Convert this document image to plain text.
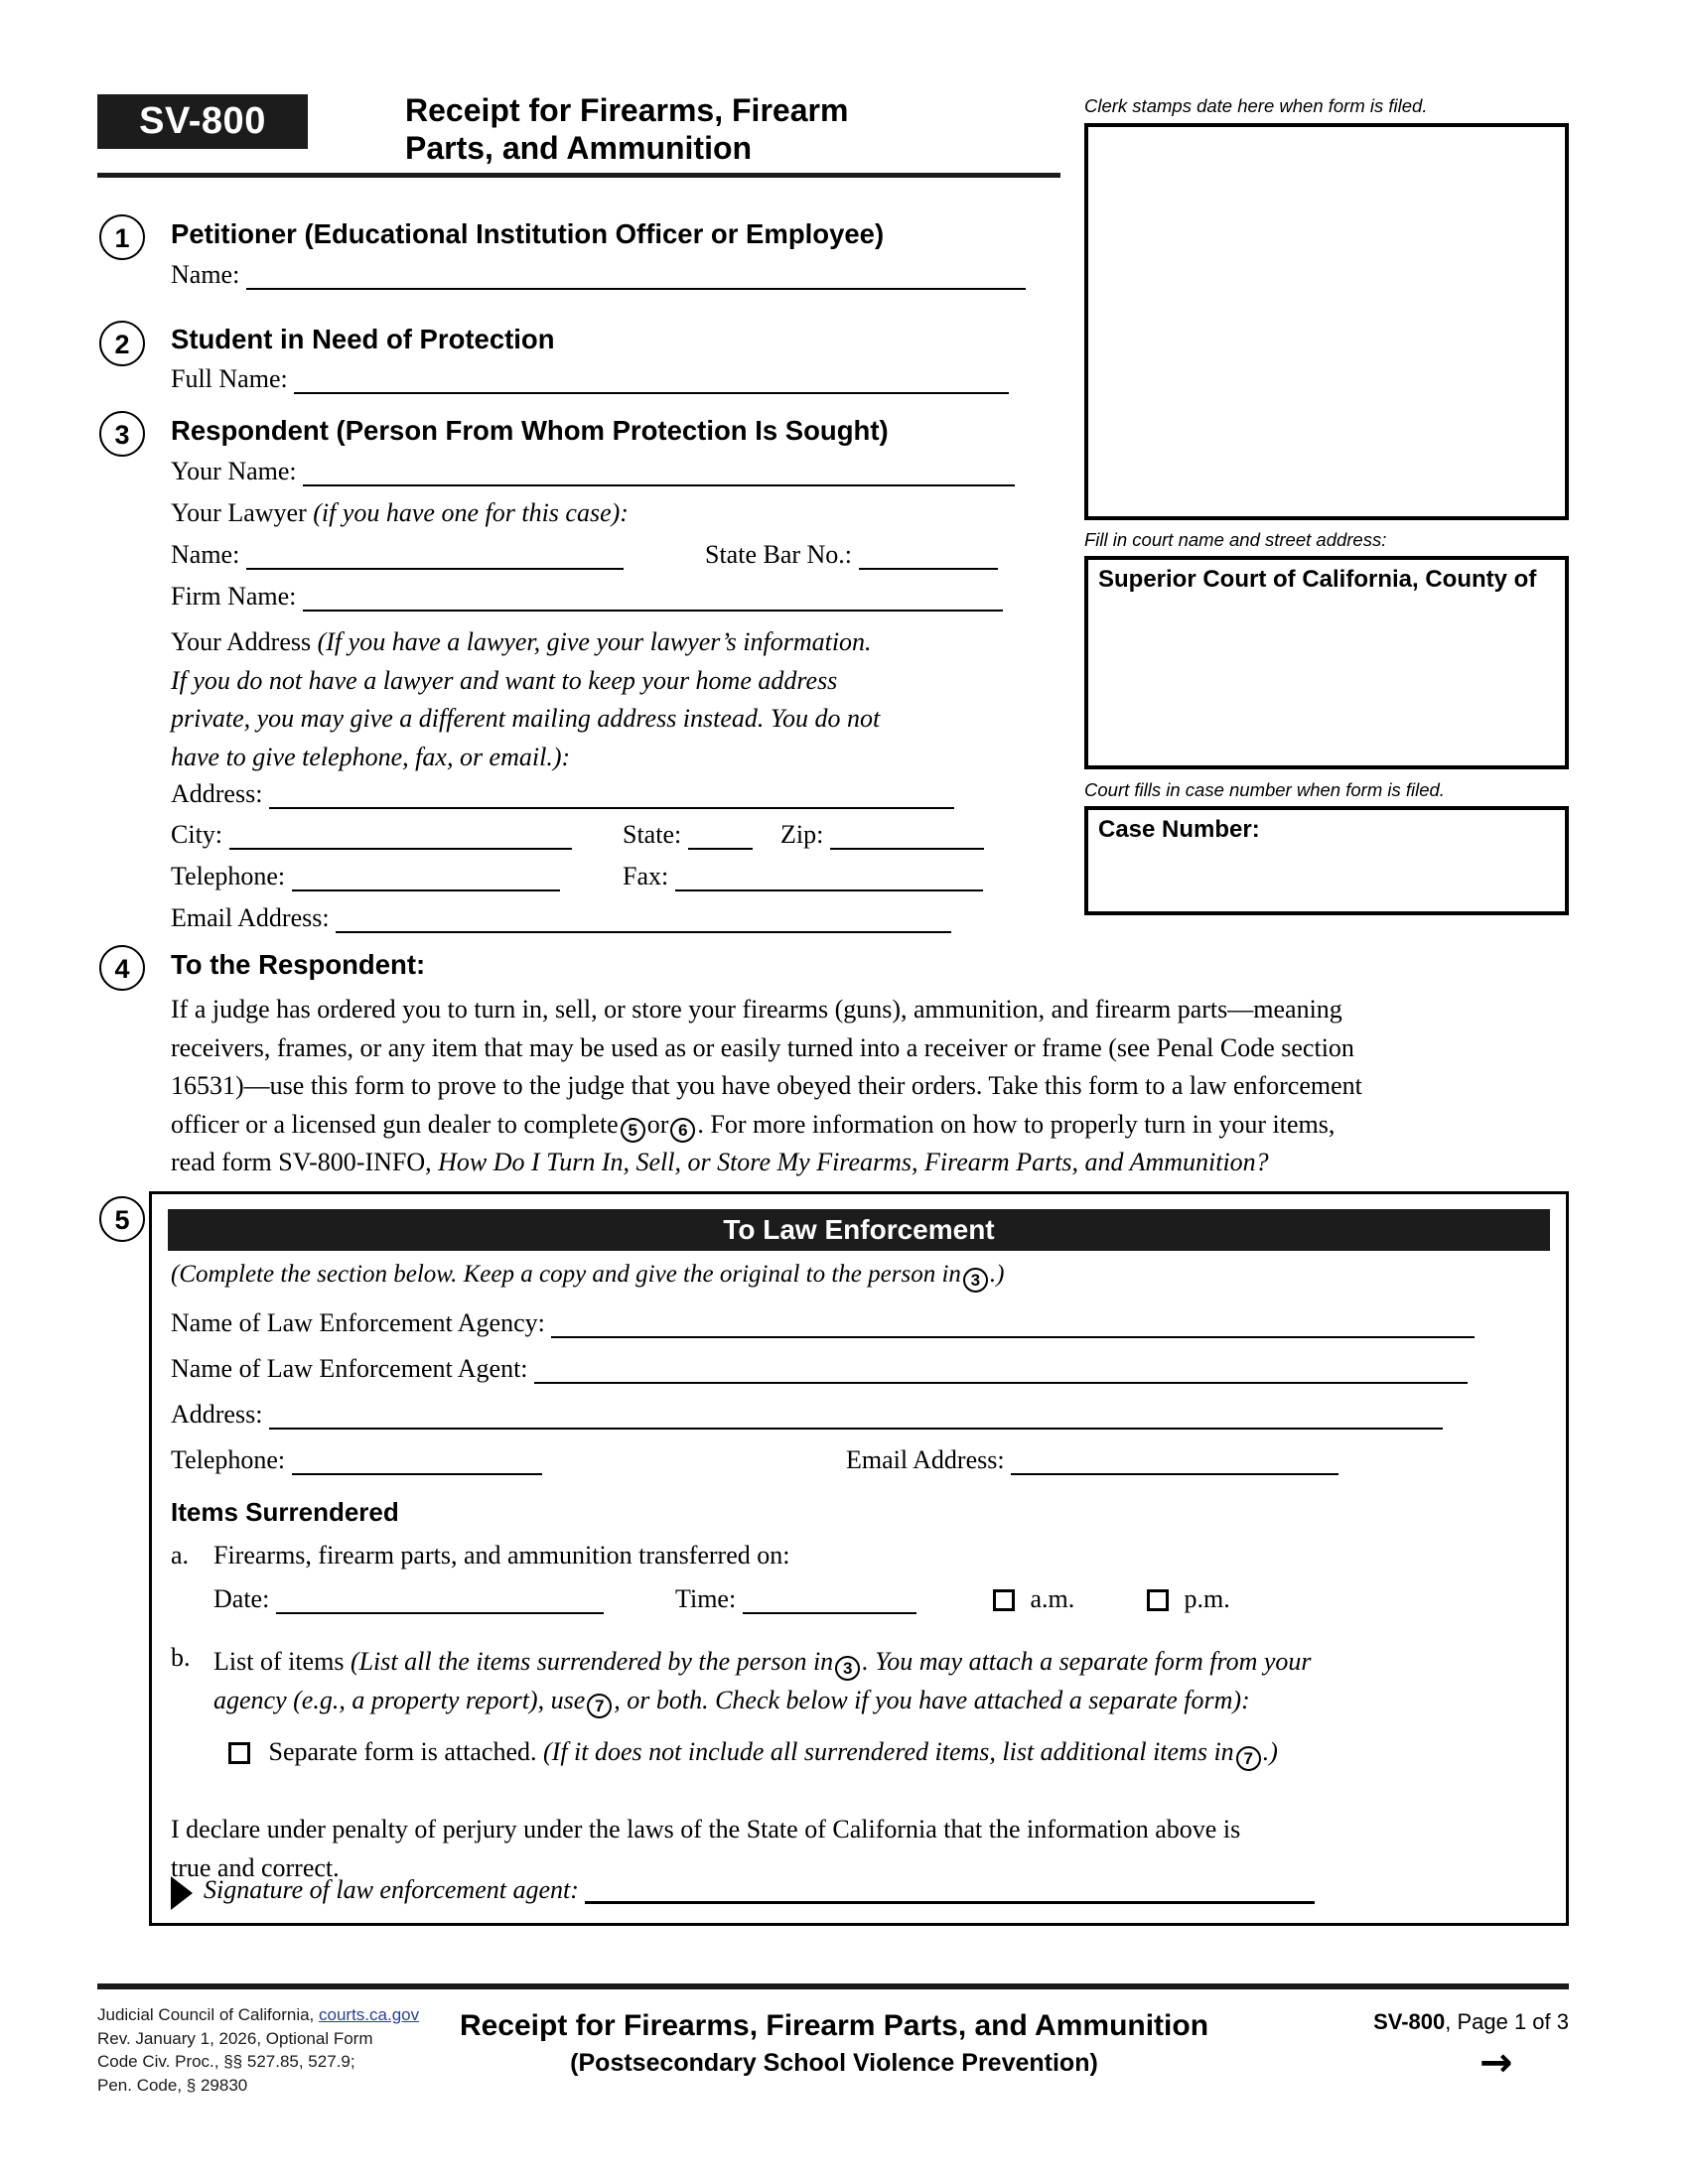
SV-800	Receipt for Firearms, Firearm
Parts, and Ammunition
Clerk stamps date here when form is filed.
Fill in court name and street address:
Superior Court of California, County of
Court fills in case number when form is filed.
Case Number:
1	Petitioner (Educational Institution Officer or Employee)
Name:
2	Student in Need of Protection
Full Name:
3	Respondent (Person From Whom Protection Is Sought)
Your Name:
Your Lawyer (if you have one for this case):
Name:	State Bar No.:
Firm Name:
Your Address (If you have a lawyer, give your lawyer’s information.
If you do not have a lawyer and want to keep your home address
private, you may give a different mailing address instead. You do not
have to give telephone, fax, or email.):
Address:
City:	State:	Zip:
Telephone:	Fax:
Email Address:
4	To the Respondent:
If a judge has ordered you to turn in, sell, or store your firearms (guns), ammunition, and firearm parts—meaning
receivers, frames, or any item that may be used as or easily turned into a receiver or frame (see Penal Code section
16531)—use this form to prove to the judge that you have obeyed their orders. Take this form to a law enforcement
officer or a licensed gun dealer to complete 5 or 6 . For more information on how to properly turn in your items,
read form SV-800-INFO, How Do I Turn In, Sell, or Store My Firearms, Firearm Parts, and Ammunition?
5	To Law Enforcement
(Complete the section below. Keep a copy and give the original to the person in 3 .)
Name of Law Enforcement Agency:
Name of Law Enforcement Agent:
Address:
Telephone:	Email Address:
Items Surrendered
a. Firearms, firearm parts, and ammunition transferred on:
Date:	Time:	a.m.	p.m.
b. List of items (List all the items surrendered by the person in 3 . You may attach a separate form from your
agency (e.g., a property report), use 7 , or both. Check below if you have attached a separate form):
Separate form is attached. (If it does not include all surrendered items, list additional items in 7 .)
I declare under penalty of perjury under the laws of the State of California that the information above is
true and correct.
Signature of law enforcement agent:
Judicial Council of California, courts.ca.gov
Rev. January 1, 2026, Optional Form
Code Civ. Proc., §§ 527.85, 527.9;
Pen. Code, § 29830
Receipt for Firearms, Firearm Parts, and Ammunition
(Postsecondary School Violence Prevention)
SV-800, Page 1 of 3
→
